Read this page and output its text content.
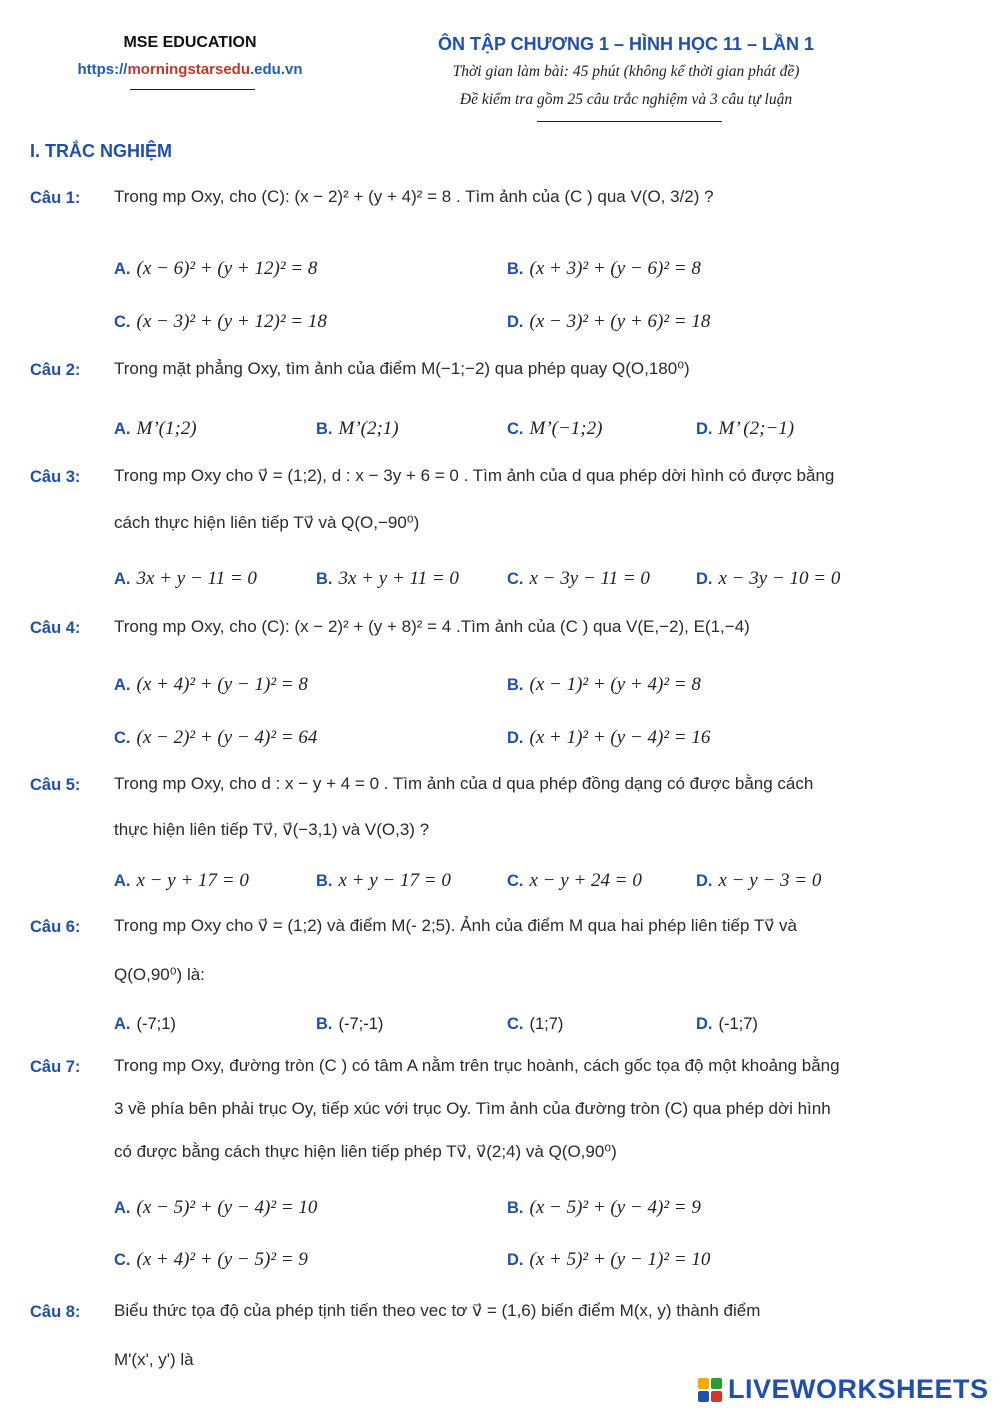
MSE EDUCATION
https://morningstarsedu.edu.vn
ÔN TẬP CHƯƠNG 1 – HÌNH HỌC 11 – LẦN 1
Thời gian làm bài: 45 phút (không kể thời gian phát đề)
Đề kiểm tra gồm 25 câu trắc nghiệm và 3 câu tự luận
I. TRẮC NGHIỆM
Câu 1: Trong mp Oxy, cho (C): (x − 2)² + (y + 4)² = 8 . Tìm ảnh của (C ) qua V(O, 3/2) ?
A. (x − 6)² + (y + 12)² = 8	B. (x + 3)² + (y − 6)² = 8
C. (x − 3)² + (y + 12)² = 18	D. (x − 3)² + (y + 6)² = 18
Câu 2: Trong mặt phẳng Oxy, tìm ảnh của điểm M(−1;−2) qua phép quay Q(O,180⁰)
A. M’(1;2)	B. M’(2;1)	C. M’(−1;2)	D. M’ (2;−1)
Câu 3: Trong mp Oxy cho v⃗ = (1;2), d : x − 3y + 6 = 0 . Tìm ảnh của d qua phép dời hình có được bằng
cách thực hiện liên tiếp Tv⃗ và Q(O,−90⁰)
A. 3x + y − 11 = 0	B. 3x + y + 11 = 0	C. x − 3y − 11 = 0	D. x − 3y − 10 = 0
Câu 4: Trong mp Oxy, cho (C): (x − 2)² + (y + 8)² = 4 .Tìm ảnh của (C ) qua V(E,−2), E(1,−4)
A. (x + 4)² + (y − 1)² = 8	B. (x − 1)² + (y + 4)² = 8
C. (x − 2)² + (y − 4)² = 64	D. (x + 1)² + (y − 4)² = 16
Câu 5: Trong mp Oxy, cho d : x − y + 4 = 0 . Tìm ảnh của d qua phép đồng dạng có được bằng cách
thực hiện liên tiếp Tv⃗, v⃗(−3,1) và V(O,3) ?
A. x − y + 17 = 0	B. x + y − 17 = 0	C. x − y + 24 = 0	D. x − y − 3 = 0
Câu 6: Trong mp Oxy cho v⃗ = (1;2) và điểm M(- 2;5). Ảnh của điểm M qua hai phép liên tiếp Tv⃗ và
Q(O,90⁰) là:
A. (-7;1)	B. (-7;-1)	C. (1;7)	D. (-1;7)
Câu 7: Trong mp Oxy, đường tròn (C ) có tâm A nằm trên trục hoành, cách gốc tọa độ một khoảng bằng
3 về phía bên phải trục Oy, tiếp xúc với trục Oy. Tìm ảnh của đường tròn (C) qua phép dời hình
có được bằng cách thực hiện liên tiếp phép Tv⃗, v⃗(2;4) và Q(O,90⁰)
A. (x − 5)² + (y − 4)² = 10	B. (x − 5)² + (y − 4)² = 9
C. (x + 4)² + (y − 5)² = 9	D. (x + 5)² + (y − 1)² = 10
Câu 8: Biểu thức tọa độ của phép tịnh tiến theo vec tơ v⃗ = (1,6) biến điểm M(x, y) thành điểm
M'(x', y') là
LIVEWORKSHEETS
